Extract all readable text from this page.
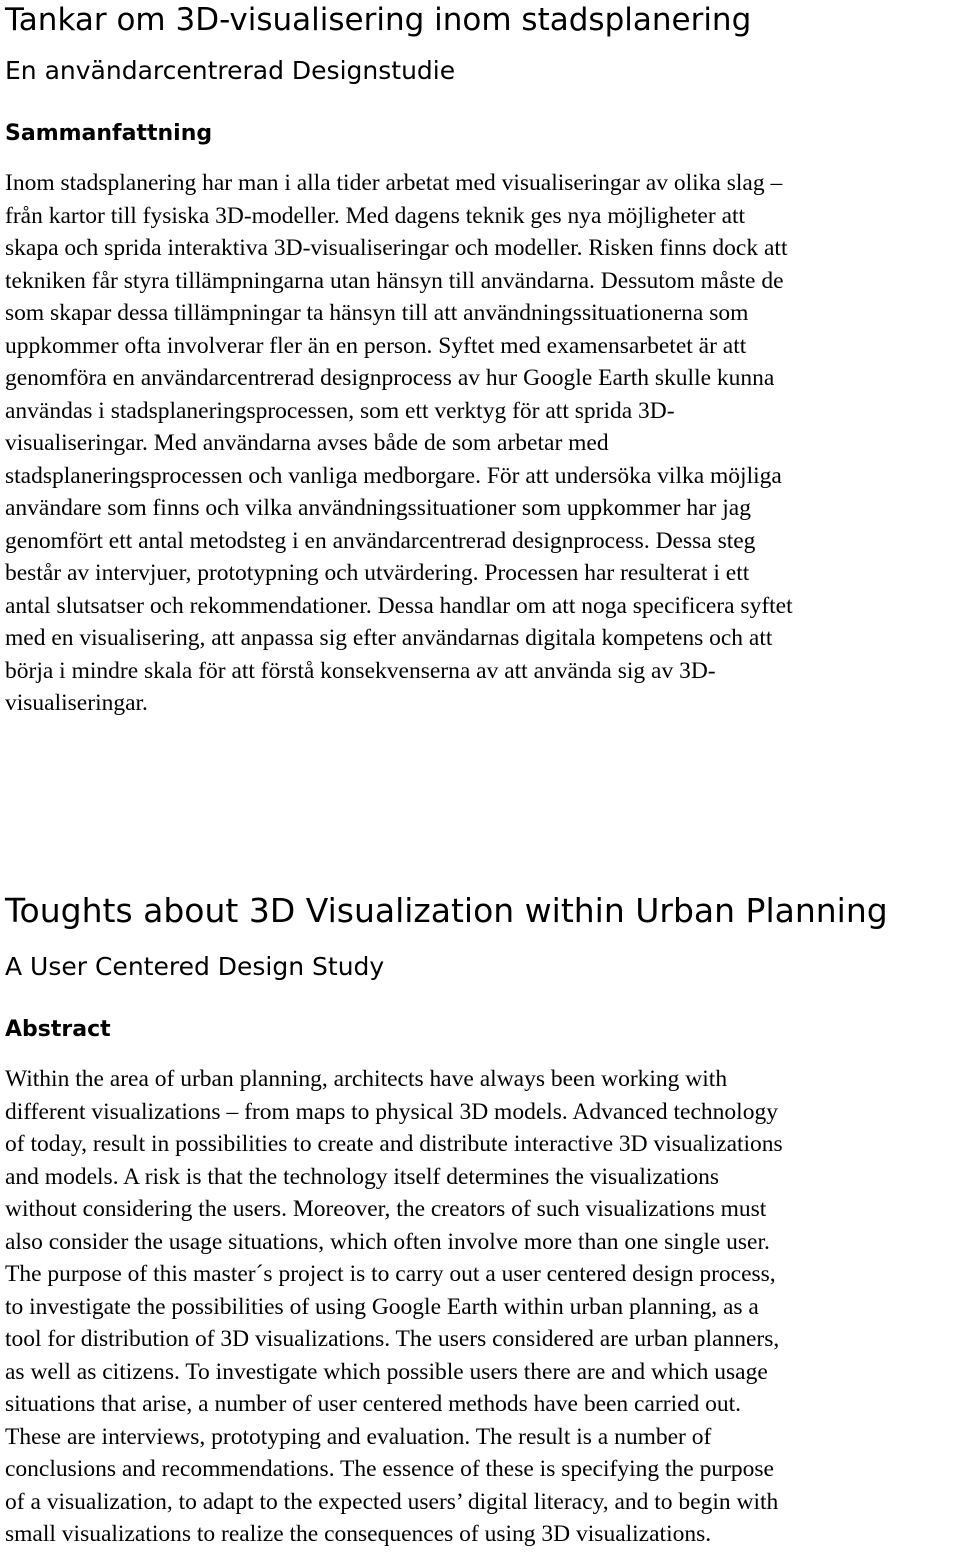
Tankar om 3D-visualisering inom stadsplanering
En användarcentrerad Designstudie
Sammanfattning

Inom stadsplanering har man i alla tider arbetat med visualiseringar av olika slag –
från kartor till fysiska 3D-modeller. Med dagens teknik ges nya möjligheter att
skapa och sprida interaktiva 3D-visualiseringar och modeller. Risken finns dock att
tekniken får styra tillämpningarna utan hänsyn till användarna. Dessutom måste de
som skapar dessa tillämpningar ta hänsyn till att användningssituationerna som
uppkommer ofta involverar fler än en person. Syftet med examensarbetet är att
genomföra en användarcentrerad designprocess av hur Google Earth skulle kunna
användas i stadsplaneringsprocessen, som ett verktyg för att sprida 3D-
visualiseringar. Med användarna avses både de som arbetar med
stadsplaneringsprocessen och vanliga medborgare. För att undersöka vilka möjliga
användare som finns och vilka användningssituationer som uppkommer har jag
genomfört ett antal metodsteg i en användarcentrerad designprocess. Dessa steg
består av intervjuer, prototypning och utvärdering. Processen har resulterat i ett
antal slutsatser och rekommendationer. Dessa handlar om att noga specificera syftet
med en visualisering, att anpassa sig efter användarnas digitala kompetens och att
börja i mindre skala för att förstå konsekvenserna av att använda sig av 3D-
visualiseringar.

Toughts about 3D Visualization within Urban Planning
A User Centered Design Study
Abstract

Within the area of urban planning, architects have always been working with
different visualizations – from maps to physical 3D models. Advanced technology
of today, result in possibilities to create and distribute interactive 3D visualizations
and models. A risk is that the technology itself determines the visualizations
without considering the users. Moreover, the creators of such visualizations must
also consider the usage situations, which often involve more than one single user.
The purpose of this master´s project is to carry out a user centered design process,
to investigate the possibilities of using Google Earth within urban planning, as a
tool for distribution of 3D visualizations. The users considered are urban planners,
as well as citizens. To investigate which possible users there are and which usage
situations that arise, a number of user centered methods have been carried out.
These are interviews, prototyping and evaluation. The result is a number of
conclusions and recommendations. The essence of these is specifying the purpose
of a visualization, to adapt to the expected users’ digital literacy, and to begin with
small visualizations to realize the consequences of using 3D visualizations.
